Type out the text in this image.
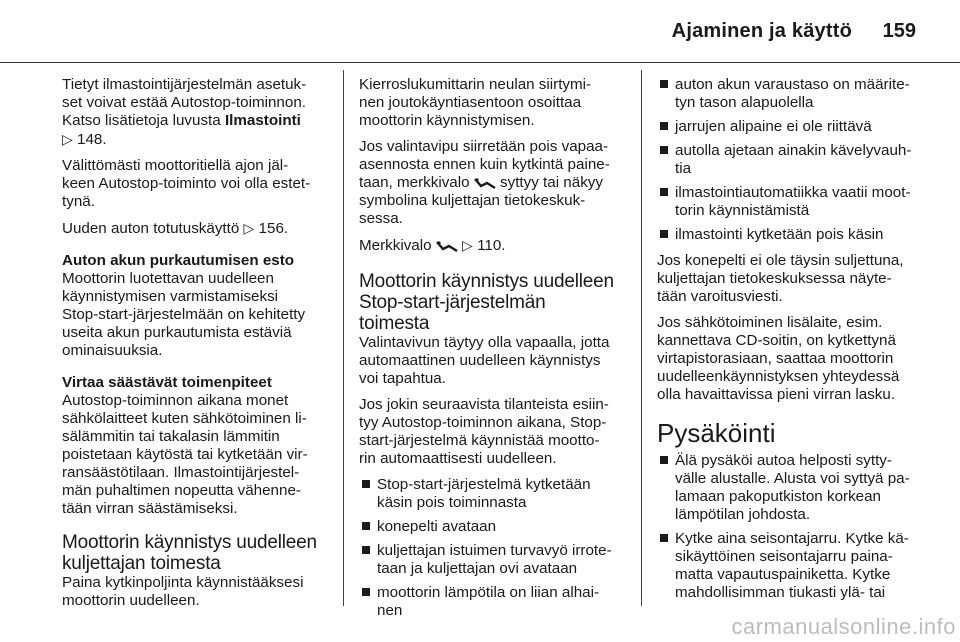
Ajaminen ja käyttö 159

Tietyt ilmastointijärjestelmän asetuk-
set voivat estää Autostop-toiminnon.
Katso lisätietoja luvusta Ilmastointi
▷ 148.

Välittömästi moottoritiellä ajon jäl-
keen Autostop-toiminto voi olla estet-
tynä.

Uuden auton totutuskäyttö ▷ 156.

Auton akun purkautumisen esto

Moottorin luotettavan uudelleen
käynnistymisen varmistamiseksi
Stop-start-järjestelmään on kehitetty
useita akun purkautumista estäviä
ominaisuuksia.

Virtaa säästävät toimenpiteet

Autostop-toiminnon aikana monet
sähkölaitteet kuten sähkötoiminen li-
sälämmitin tai takalasin lämmitin
poistetaan käytöstä tai kytketään vir-
ransäästötilaan. Ilmastointijärjestel-
män puhaltimen nopeutta vähenne-
tään virran säästämiseksi.

Moottorin käynnistys uudelleen
kuljettajan toimesta

Paina kytkinpoljinta käynnistääksesi
moottorin uudelleen.

Kierroslukumittarin neulan siirtymi-
nen joutokäyntiasentoon osoittaa
moottorin käynnistymisen.

Jos valintavipu siirretään pois vapaa-
asennosta ennen kuin kytkintä paine-
taan, merkkivalo  syttyy tai näkyy
symbolina kuljettajan tietokeskuk-
sessa.

Merkkivalo  ▷ 110.

Moottorin käynnistys uudelleen
Stop-start-järjestelmän
toimesta

Valintavivun täytyy olla vapaalla, jotta
automaattinen uudelleen käynnistys
voi tapahtua.

Jos jokin seuraavista tilanteista esiin-
tyy Autostop-toiminnon aikana, Stop-
start-järjestelmä käynnistää mootto-
rin automaattisesti uudelleen.

Stop-start-järjestelmä kytketään
käsin pois toiminnasta
konepelti avataan
kuljettajan istuimen turvavyö irrote-
taan ja kuljettajan ovi avataan
moottorin lämpötila on liian alhai-
nen
auton akun varaustaso on määrite-
tyn tason alapuolella
jarrujen alipaine ei ole riittävä
autolla ajetaan ainakin kävelyvauh-
tia
ilmastointiautomatiikka vaatii moot-
torin käynnistämistä
ilmastointi kytketään pois käsin

Jos konepelti ei ole täysin suljettuna,
kuljettajan tietokeskuksessa näyte-
tään varoitusviesti.

Jos sähkötoiminen lisälaite, esim.
kannettava CD-soitin, on kytkettynä
virtapistorasiaan, saattaa moottorin
uudelleenkäynnistyksen yhteydessä
olla havaittavissa pieni virran lasku.

Pysäköinti
Älä pysäköi autoa helposti sytty-
välle alustalle. Alusta voi syttyä pa-
lamaan pakoputkiston korkean
lämpötilan johdosta.
Kytke aina seisontajarru. Kytke kä-
sikäyttöinen seisontajarru paina-
matta vapautuspainiketta. Kytke
mahdollisimman tiukasti ylä- tai
carmanualsonline.info
